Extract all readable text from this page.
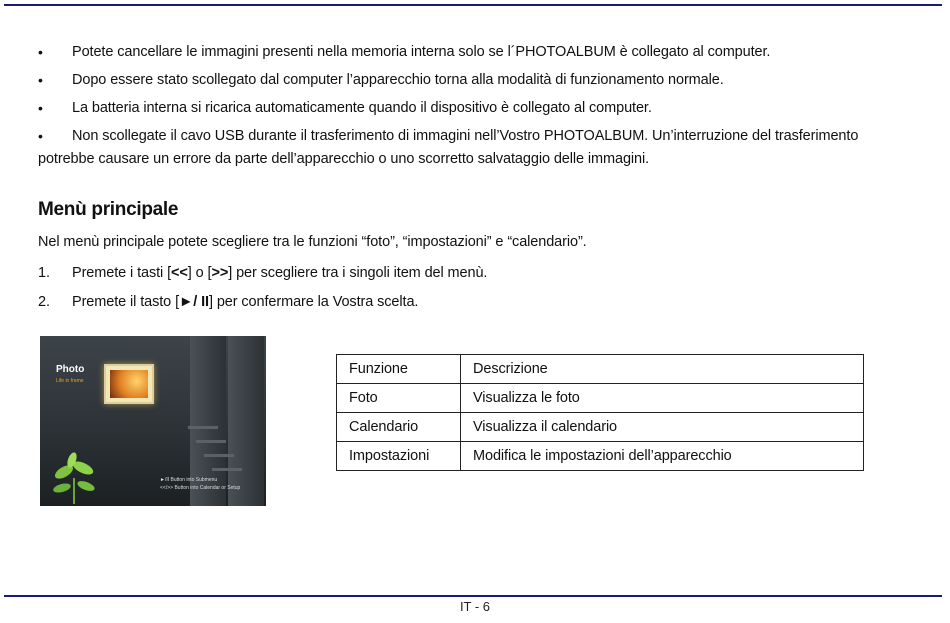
• Potete cancellare le immagini presenti nella memoria interna solo se l´PHOTOALBUM è collegato al computer.
• Dopo essere stato scollegato dal computer l’apparecchio torna alla modalità di funzionamento normale.
• La batteria interna si ricarica automaticamente quando il dispositivo è collegato al computer.
• Non scollegate il cavo USB durante il trasferimento di immagini nell’Vostro PHOTOALBUM. Un’interruzione del trasferimento
potrebbe causare un errore da parte dell’apparecchio o uno scorretto salvataggio delle immagini.
Menù principale
Nel menù principale potete scegliere tra le funzioni “foto”, “impostazioni” e “calendario”.
1. Premete i tasti [<<] o [>>] per scegliere tra i singoli item del menù.
2. Premete il tasto [►/ II] per confermare la Vostra scelta.
Photo
Life in frame
►/II Button into Submenu
<</>> Button into Calendar or Setup
Funzione	Descrizione
Foto	Visualizza le foto
Calendario	Visualizza il calendario
Impostazioni	Modifica le impostazioni dell’apparecchio
IT - 6
